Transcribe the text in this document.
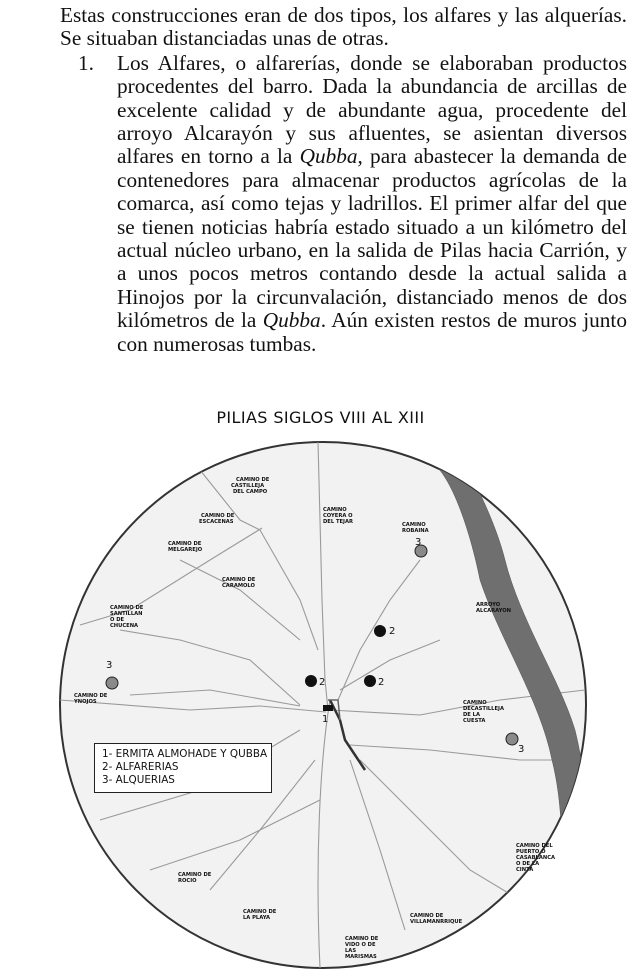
Estas construcciones eran de dos tipos, los alfares y las alquerías. Se situaban distanciadas unas de otras.

1. Los Alfares, o alfarerías, donde se elaboraban productos procedentes del barro. Dada la abundancia de arcillas de excelente calidad y de abundante agua, procedente del arroyo Alcarayón y sus afluentes, se asientan diversos alfares en torno a la Qubba, para abastecer la demanda de contenedores para almacenar productos agrícolas de la comarca, así como tejas y ladrillos. El primer alfar del que se tienen noticias habría estado situado a un kilómetro del actual núcleo urbano, en la salida de Pilas hacia Carrión, y a unos pocos metros contando desde la actual salida a Hinojos por la circunvalación, distanciado menos de dos kilómetros de la Qubba. Aún existen restos de muros junto con numerosas tumbas.

PILIAS SIGLOS VIII AL XIII
CAMINO DE CASTILLEJA DEL CAMPO
CAMINO DE ESCACENAS
CAMINO DE MELGAREJO
CAMINO DE CARAMOLO
CAMINO COYERA O DEL TEJAR	CAMINO ROBAINA
CAMINO DE SANTILLAN O DE CHUCENA
ARROYO ALCARAYON
CAMINO DE YNOJOS	CAMINO DECASTILLEJA DE LA CUESTA
CAMINO DEL PUERTO O CASABLANCA O DE LA CINTA
CAMINO DE ROCIO
CAMINO DE LA PLAYA	CAMINO DE VILLAMANRRIQUE
CAMINO DE VIDO O DE LAS MARISMAS
1
2
2	2
3
3
3
1- ERMITA ALMOHADE Y QUBBA
2- ALFARERIAS
3- ALQUERIAS
